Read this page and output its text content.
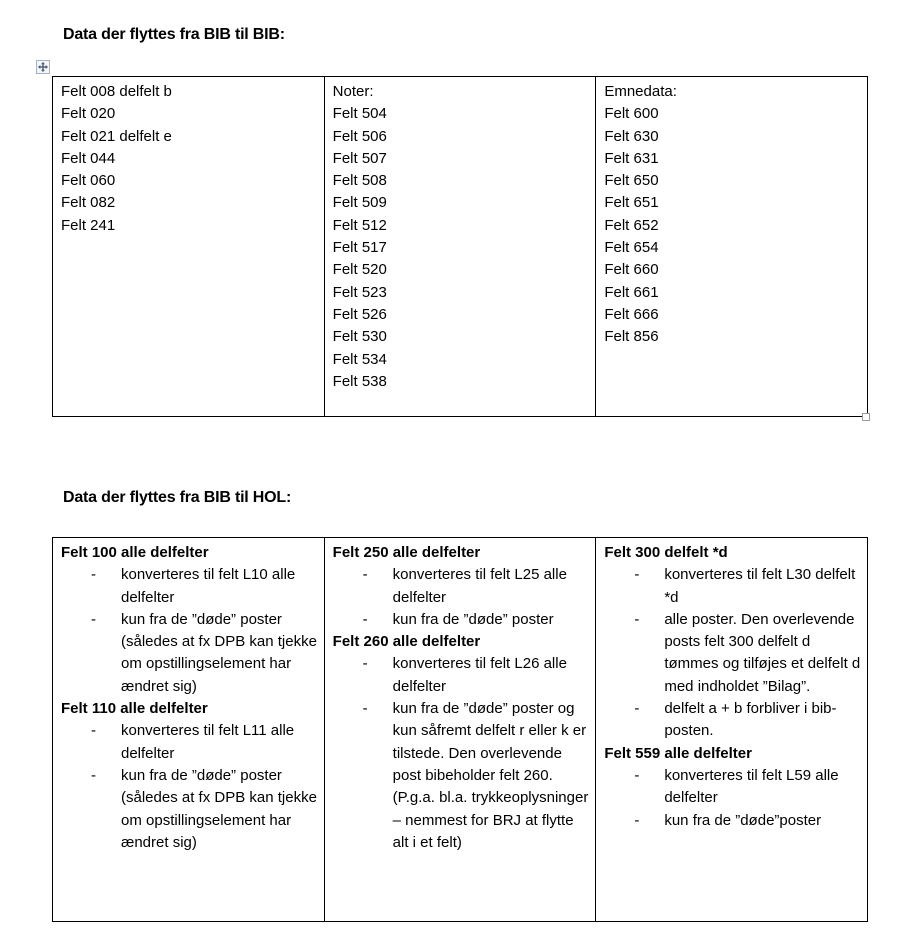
Data der flyttes fra BIB til BIB:
Felt 008 delfelt b
Felt 020
Felt 021 delfelt e
Felt 044
Felt 060
Felt 082
Felt 241
Noter:
Felt 504
Felt 506
Felt 507
Felt 508
Felt 509
Felt 512
Felt 517
Felt 520
Felt 523
Felt 526
Felt 530
Felt 534
Felt 538
Emnedata:
Felt 600
Felt 630
Felt 631
Felt 650
Felt 651
Felt 652
Felt 654
Felt 660
Felt 661
Felt 666
Felt 856
Data der flyttes fra BIB til HOL:
Felt 100 alle delfelter
- konverteres til felt L10 alle delfelter
- kun fra de ”døde” poster (således at fx DPB kan tjekke om opstillingselement har ændret sig)
Felt 110 alle delfelter
- konverteres til felt L11 alle delfelter
- kun fra de ”døde” poster (således at fx DPB kan tjekke om opstillingselement har ændret sig)
Felt 250 alle delfelter
- konverteres til felt L25 alle delfelter
- kun fra de ”døde” poster
Felt 260 alle delfelter
- konverteres til felt L26 alle delfelter
- kun fra de ”døde” poster og kun såfremt delfelt r eller k er tilstede. Den overlevende post bibeholder felt 260. (P.g.a. bl.a. trykkeoplysninger – nemmest for BRJ at flytte alt i et felt)
Felt 300 delfelt *d
- konverteres til felt L30 delfelt *d
- alle poster. Den overlevende posts felt 300 delfelt d tømmes og tilføjes et delfelt d med indholdet ”Bilag”.
- delfelt a + b forbliver i bib-posten.
Felt 559 alle delfelter
- konverteres til felt L59 alle delfelter
- kun fra de ”døde”poster
